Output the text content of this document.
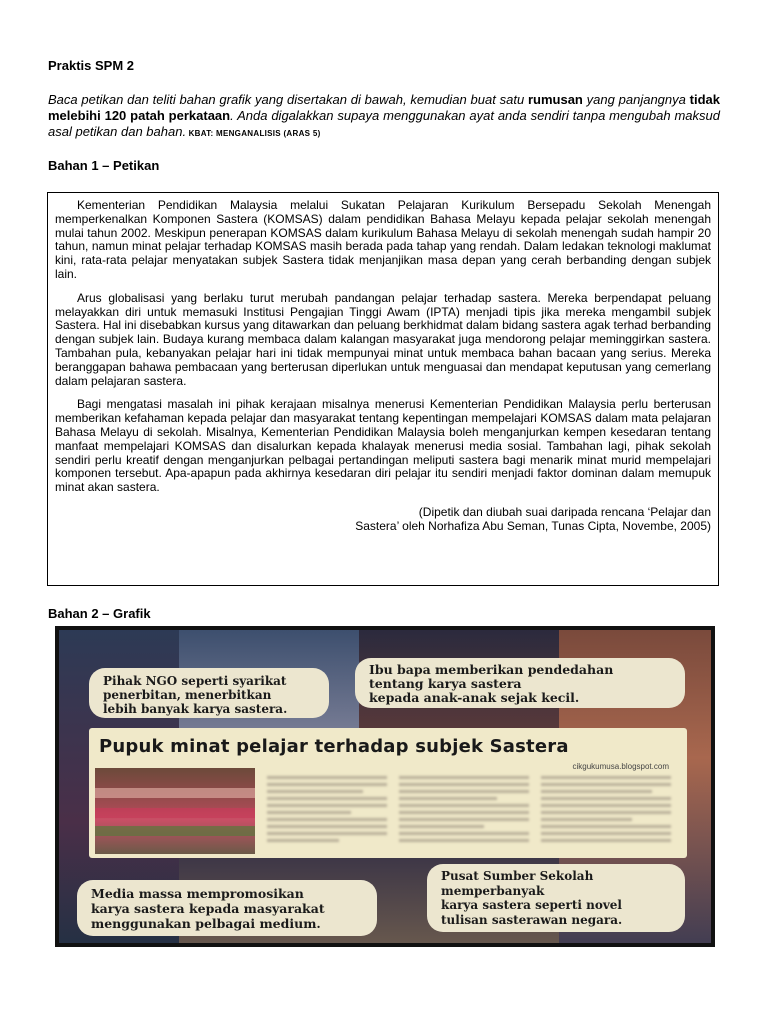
Praktis SPM 2
Baca petikan dan teliti bahan grafik yang disertakan di bawah, kemudian buat satu rumusan yang panjangnya tidak melebihi 120 patah perkataan. Anda digalakkan supaya menggunakan ayat anda sendiri tanpa mengubah maksud asal petikan dan bahan. KBAT: MENGANALISIS (ARAS 5)
Bahan 1 – Petikan

Kementerian Pendidikan Malaysia melalui Sukatan Pelajaran Kurikulum Bersepadu Sekolah Menengah memperkenalkan Komponen Sastera (KOMSAS) dalam pendidikan Bahasa Melayu kepada pelajar sekolah menengah mulai tahun 2002. Meskipun penerapan KOMSAS dalam kurikulum Bahasa Melayu di sekolah menengah sudah hampir 20 tahun, namun minat pelajar terhadap KOMSAS masih berada pada tahap yang rendah. Dalam ledakan teknologi maklumat kini, rata-rata pelajar menyatakan subjek Sastera tidak menjanjikan masa depan yang cerah berbanding dengan subjek lain.

Arus globalisasi yang berlaku turut merubah pandangan pelajar terhadap sastera. Mereka berpendapat peluang melayakkan diri untuk memasuki Institusi Pengajian Tinggi Awam (IPTA) menjadi tipis jika mereka mengambil subjek Sastera. Hal ini disebabkan kursus yang ditawarkan dan peluang berkhidmat dalam bidang sastera agak terhad berbanding dengan subjek lain. Budaya kurang membaca dalam kalangan masyarakat juga mendorong pelajar meminggirkan sastera. Tambahan pula, kebanyakan pelajar hari ini tidak mempunyai minat untuk membaca bahan bacaan yang serius. Mereka beranggapan bahawa pembacaan yang berterusan diperlukan untuk menguasai dan mendapat keputusan yang cemerlang dalam pelajaran sastera.

Bagi mengatasi masalah ini pihak kerajaan misalnya menerusi Kementerian Pendidikan Malaysia perlu berterusan memberikan kefahaman kepada pelajar dan masyarakat tentang kepentingan mempelajari KOMSAS dalam mata pelajaran Bahasa Melayu di sekolah. Misalnya, Kementerian Pendidikan Malaysia boleh menganjurkan kempen kesedaran tentang manfaat mempelajari KOMSAS dan disalurkan kepada khalayak menerusi media sosial. Tambahan lagi, pihak sekolah sendiri perlu kreatif dengan menganjurkan pelbagai pertandingan meliputi sastera bagi menarik minat murid mempelajari komponen tersebut. Apa-apapun pada akhirnya kesedaran diri pelajar itu sendiri menjadi faktor dominan dalam memupuk minat akan sastera.

(Dipetik dan diubah suai daripada rencana ‘Pelajar dan
Sastera’ oleh Norhafiza Abu Seman, Tunas Cipta, Novembe, 2005)
Bahan 2 – Grafik
Pihak NGO seperti syarikat
penerbitan, menerbitkan
lebih banyak karya sastera.
Ibu bapa memberikan pendedahan
tentang karya sastera
kepada anak-anak sejak kecil.
Pupuk minat pelajar terhadap subjek Sastera
cikgukumusa.blogspot.com
Media massa mempromosikan
karya sastera kepada masyarakat
menggunakan pelbagai medium.
Pusat Sumber Sekolah
memperbanyak
karya sastera seperti novel
tulisan sasterawan negara.
